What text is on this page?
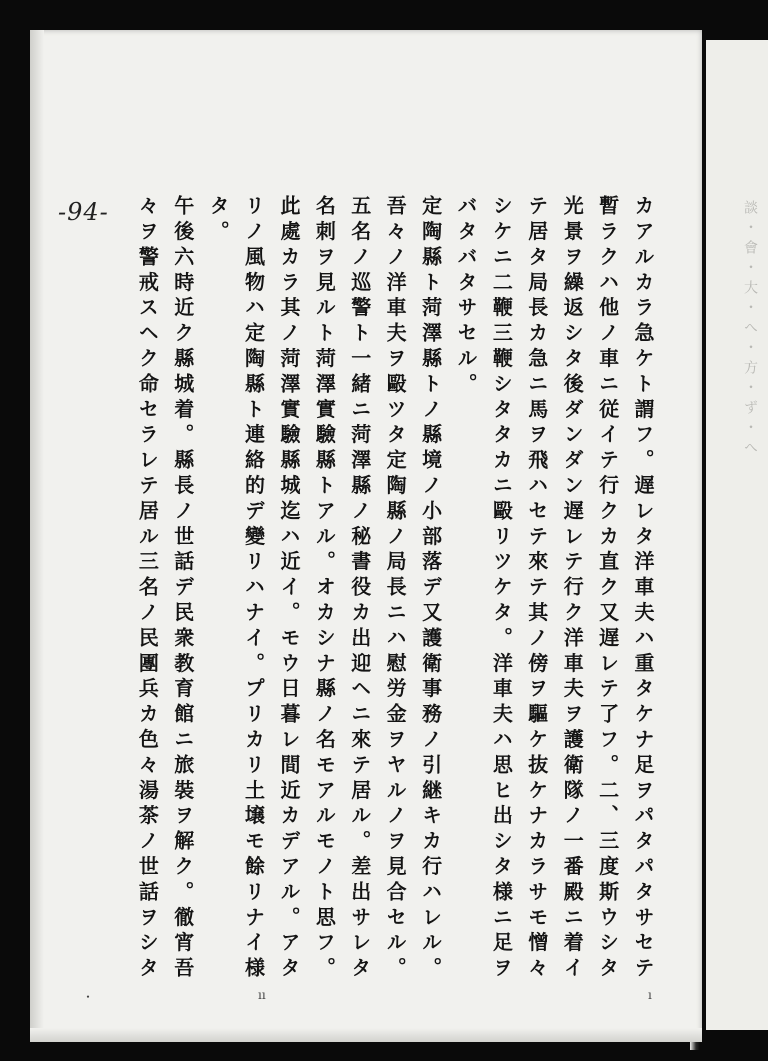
談・會・大・へ・方・ず・へ
-94-	カアルカラ急ケト謂フ。遅レタ洋車夫ハ重タケナ足ヲパタパタサセテ
暫ラクハ他ノ車ニ従イテ行クカ直ク又遅レテ了フ。二、三度斯ウシタ
光景ヲ繰返シタ後ダンダン遅レテ行ク洋車夫ヲ護衛隊ノ一番殿ニ着イ
テ居タ局長カ急ニ馬ヲ飛ハセテ來テ其ノ傍ヲ驅ケ抜ケナカラサモ憎々
シケニ二鞭三鞭シタタカニ毆リツケタ。洋車夫ハ思ヒ出シタ様ニ足ヲ
バタバタサセル。
定陶縣ト菏澤縣トノ縣境ノ小部落デ又護衛事務ノ引継キカ行ハレル。
吾々ノ洋車夫ヲ毆ツタ定陶縣ノ局長ニハ慰労金ヲヤルノヲ見合セル。
五名ノ巡警ト一緒ニ菏澤縣ノ秘書役カ出迎ヘニ來テ居ル。差出サレタ
名刺ヲ見ルト菏澤實驗縣トアル。オカシナ縣ノ名モアルモノト思フ。
此處カラ其ノ菏澤實驗縣城迄ハ近イ。モウ日暮レ間近カデアル。アタ
リノ風物ハ定陶縣ト連絡的デ變リハナイ。プリカリ土壌モ餘リナイ様
タ。
午後六時近ク縣城着。縣長ノ世話デ民衆教育館ニ旅裝ヲ解ク。徹宵吾
々ヲ警戒スヘク命セラレテ居ル三名ノ民團兵カ色々湯茶ノ世話ヲシタ
・	ıı	ı
